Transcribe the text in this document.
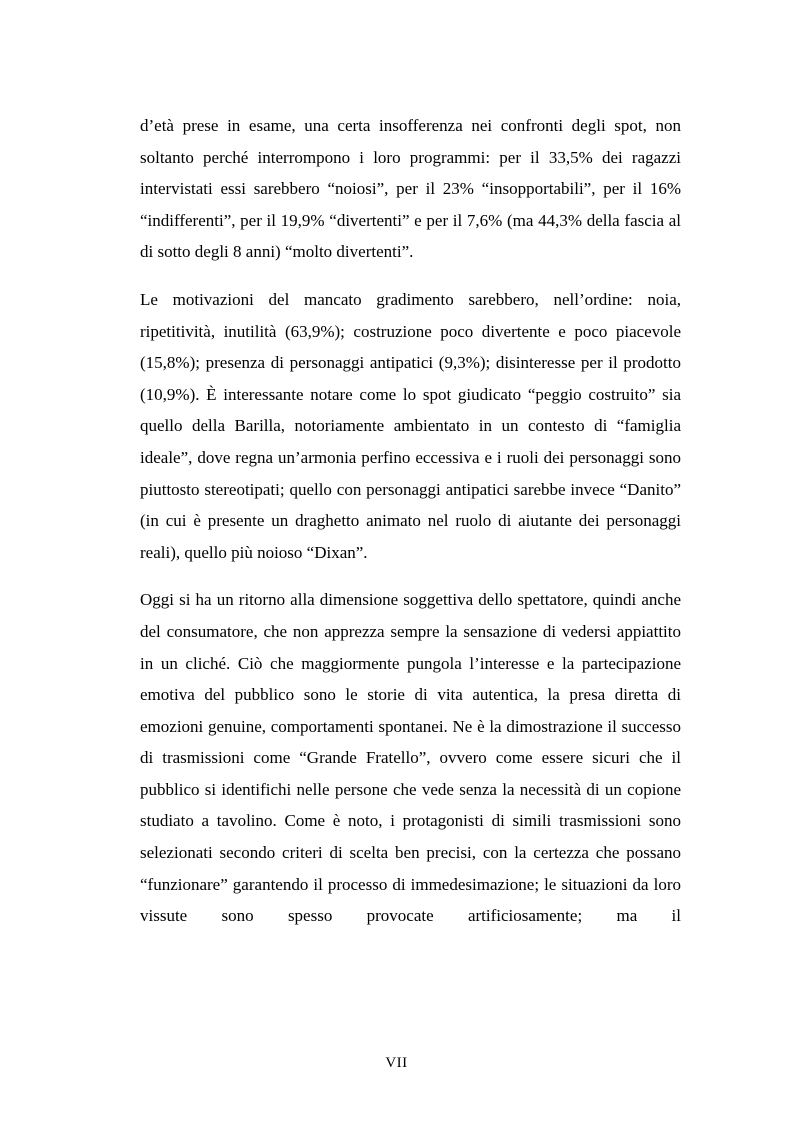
d’età prese in esame, una certa insofferenza nei confronti degli spot, non soltanto perché interrompono i loro programmi: per il 33,5% dei ragazzi intervistati essi sarebbero “noiosi”, per il 23% “insopportabili”, per il 16% “indifferenti”, per il 19,9% “divertenti” e per il 7,6% (ma 44,3% della fascia al di sotto degli 8 anni) “molto divertenti”.

Le motivazioni del mancato gradimento sarebbero, nell’ordine: noia, ripetitività, inutilità (63,9%); costruzione poco divertente e poco piacevole (15,8%); presenza di personaggi antipatici (9,3%); disinteresse per il prodotto (10,9%). È interessante notare come lo spot giudicato “peggio costruito” sia quello della Barilla, notoriamente ambientato in un contesto di “famiglia ideale”, dove regna un’armonia perfino eccessiva e i ruoli dei personaggi sono piuttosto stereotipati; quello con personaggi antipatici sarebbe invece “Danito” (in cui è presente un draghetto animato nel ruolo di aiutante dei personaggi reali), quello più noioso “Dixan”.

Oggi si ha un ritorno alla dimensione soggettiva dello spettatore, quindi anche del consumatore, che non apprezza sempre la sensazione di vedersi appiattito in un cliché. Ciò che maggiormente pungola l’interesse e la partecipazione emotiva del pubblico sono le storie di vita autentica, la presa diretta di emozioni genuine, comportamenti spontanei. Ne è la dimostrazione il successo di trasmissioni come “Grande Fratello”, ovvero come essere sicuri che il pubblico si identifichi nelle persone che vede senza la necessità di un copione studiato a tavolino. Come è noto, i protagonisti di simili trasmissioni sono selezionati secondo criteri di scelta ben precisi, con la certezza che possano “funzionare” garantendo il processo di immedesimazione; le situazioni da loro vissute sono spesso provocate artificiosamente; ma il

VII
